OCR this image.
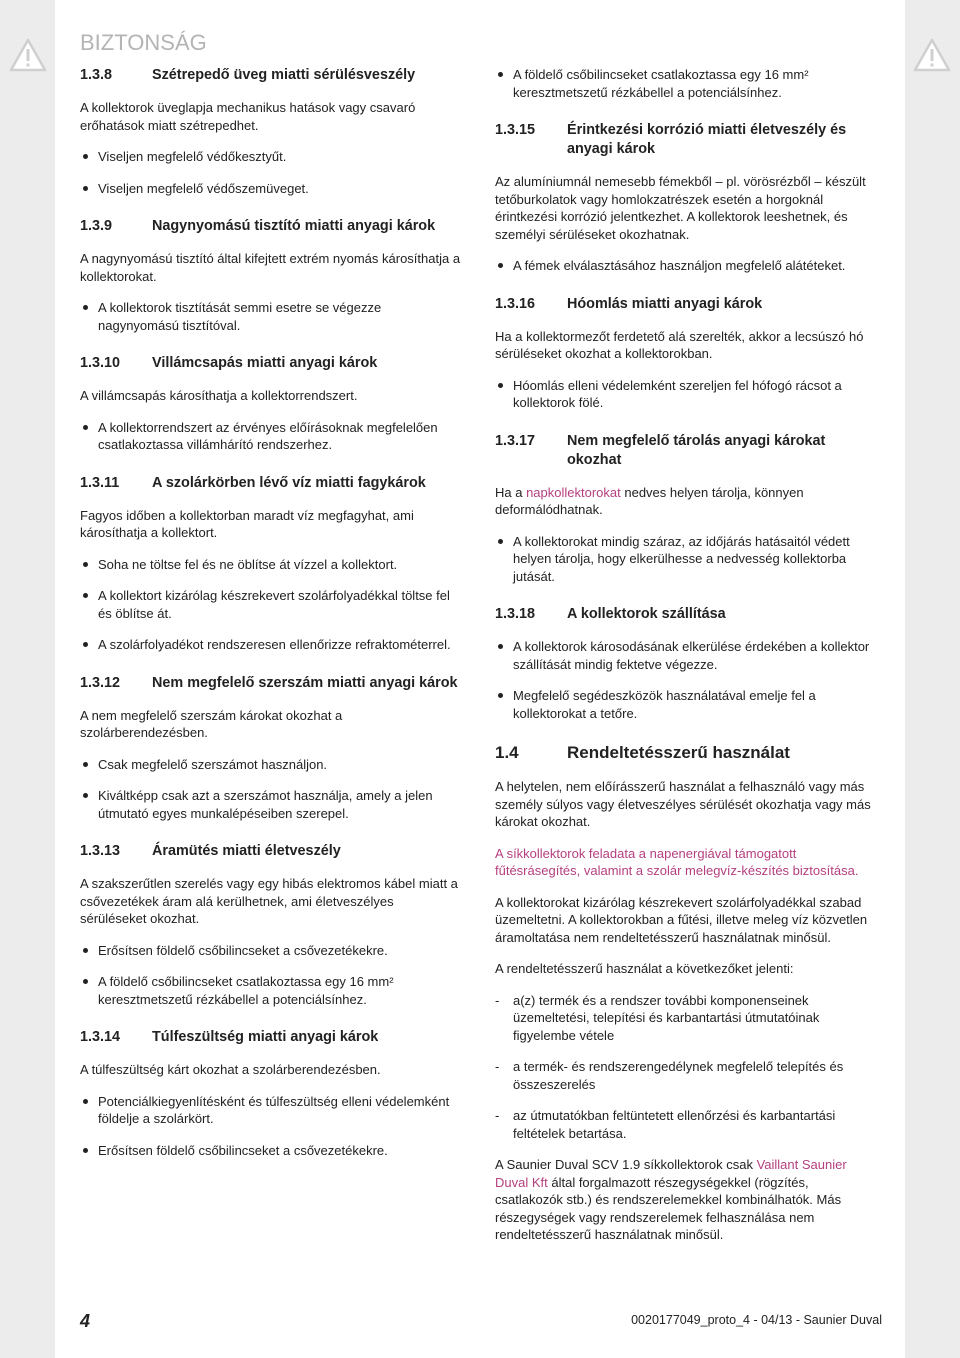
BIZTONSÁG
1.3.8	Szétrepedő üveg miatti sérülésveszély
A kollektorok üveglapja mechanikus hatások vagy csavaró erőhatások miatt szétrepedhet.
Viseljen megfelelő védőkesztyűt.
Viseljen megfelelő védőszemüveget.
1.3.9	Nagynyomású tisztító miatti anyagi károk
A nagynyomású tisztító által kifejtett extrém nyomás károsíthatja a kollektorokat.
A kollektorok tisztítását semmi esetre se végezze nagynyomású tisztítóval.
1.3.10	Villámcsapás miatti anyagi károk
A villámcsapás károsíthatja a kollektorrendszert.
A kollektorrendszert az érvényes előírásoknak megfelelően csatlakoztassa villámhárító rendszerhez.
1.3.11	A szolárkörben lévő víz miatti fagykárok
Fagyos időben a kollektorban maradt víz megfagyhat, ami károsíthatja a kollektort.
Soha ne töltse fel és ne öblítse át vízzel a kollektort.
A kollektort kizárólag készrekevert szolárfolyadékkal töltse fel és öblítse át.
A szolárfolyadékot rendszeresen ellenőrizze refraktométerrel.
1.3.12	Nem megfelelő szerszám miatti anyagi károk
A nem megfelelő szerszám károkat okozhat a szolárberendezésben.
Csak megfelelő szerszámot használjon.
Kiváltképp csak azt a szerszámot használja, amely a jelen útmutató egyes munkalépéseiben szerepel.
1.3.13	Áramütés miatti életveszély
A szakszerűtlen szerelés vagy egy hibás elektromos kábel miatt a csővezetékek áram alá kerülhetnek, ami életveszélyes sérüléseket okozhat.
Erősítsen földelő csőbilincseket a csővezetékekre.
A földelő csőbilincseket csatlakoztassa egy 16 mm² keresztmetszetű rézkábellel a potenciálsínhez.
1.3.14	Túlfeszültség miatti anyagi károk
A túlfeszültség kárt okozhat a szolárberendezésben.
Potenciálkiegyenlítésként és túlfeszültség elleni védelemként földelje a szolárkört.
Erősítsen földelő csőbilincseket a csővezetékekre.
A földelő csőbilincseket csatlakoztassa egy 16 mm² keresztmetszetű rézkábellel a potenciálsínhez.
1.3.15	Érintkezési korrózió miatti életveszély és anyagi károk
Az alumíniumnál nemesebb fémekből – pl. vörösrézből – készült tetőburkolatok vagy homlokzatrészek esetén a horgoknál érintkezési korrózió jelentkezhet. A kollektorok leeshetnek, és személyi sérüléseket okozhatnak.
A fémek elválasztásához használjon megfelelő alátéteket.
1.3.16	Hóomlás miatti anyagi károk
Ha a kollektormezőt ferdetető alá szerelték, akkor a lecsúszó hó sérüléseket okozhat a kollektorokban.
Hóomlás elleni védelemként szereljen fel hófogó rácsot a kollektorok fölé.
1.3.17	Nem megfelelő tárolás anyagi károkat okozhat
Ha a napkollektorokat nedves helyen tárolja, könnyen deformálódhatnak.
A kollektorokat mindig száraz, az időjárás hatásaitól védett helyen tárolja, hogy elkerülhesse a nedvesség kollektorba jutását.
1.3.18	A kollektorok szállítása
A kollektorok károsodásának elkerülése érdekében a kollektor szállítását mindig fektetve végezze.
Megfelelő segédeszközök használatával emelje fel a kollektorokat a tetőre.
1.4	Rendeltetésszerű használat
A helytelen, nem előírásszerű használat a felhasználó vagy más személy súlyos vagy életveszélyes sérülését okozhatja vagy más károkat okozhat.
A síkkollektorok feladata a napenergiával támogatott fűtésrásegítés, valamint a szolár melegvíz-készítés biztosítása.
A kollektorokat kizárólag készrekevert szolárfolyadékkal szabad üzemeltetni. A kollektorokban a fűtési, illetve meleg víz közvetlen áramoltatása nem rendeltetésszerű használatnak minősül.
A rendeltetésszerű használat a következőket jelenti:
-	a(z) termék és a rendszer további komponenseinek üzemeltetési, telepítési és karbantartási útmutatóinak figyelembe vétele
-	a termék- és rendszerengedélynek megfelelő telepítés és összeszerelés
-	az útmutatókban feltüntetett ellenőrzési és karbantartási feltételek betartása.
A Saunier Duval SCV 1.9 síkkollektorok csak Vaillant Saunier Duval Kft által forgalmazott részegységekkel (rögzítés, csatlakozók stb.) és rendszerelemekkel kombinálhatók. Más részegységek vagy rendszerelemek felhasználása nem rendeltetésszerű használatnak minősül.
4	0020177049_proto_4 - 04/13 - Saunier Duval
